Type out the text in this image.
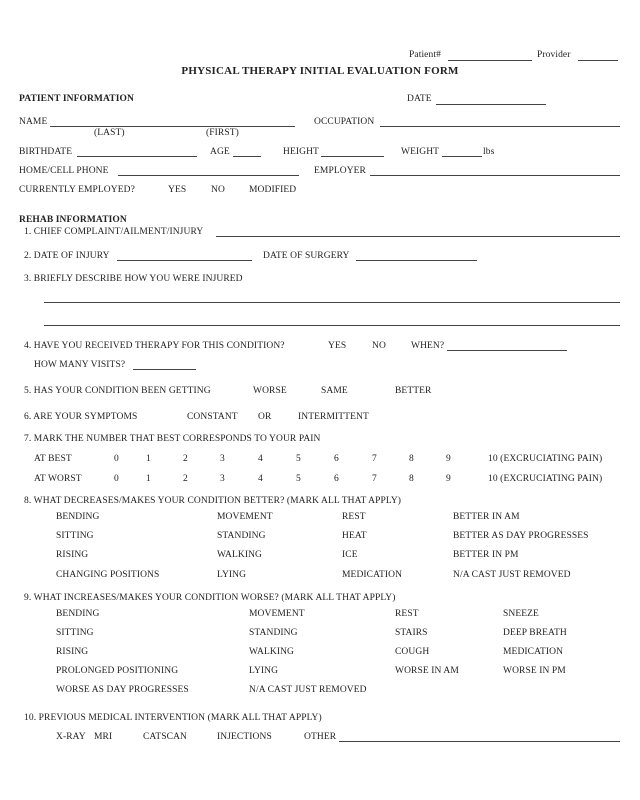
Patient#	Provider
PHYSICAL THERAPY INITIAL EVALUATION FORM
PATIENT INFORMATION	DATE
NAME
(LAST)	(FIRST)
OCCUPATION
BIRTHDATE	AGE	HEIGHT	WEIGHT	lbs
HOME/CELL PHONE	EMPLOYER
CURRENTLY EMPLOYED?	YES	NO	MODIFIED
REHAB INFORMATION
1. CHIEF COMPLAINT/AILMENT/INJURY
2. DATE OF INJURY	DATE OF SURGERY
3. BRIEFLY DESCRIBE HOW YOU WERE INJURED
4. HAVE YOU RECEIVED THERAPY FOR THIS CONDITION?	YES	NO	WHEN?
HOW MANY VISITS?
5. HAS YOUR CONDITION BEEN GETTING	WORSE	SAME	BETTER
6. ARE YOUR SYMPTOMS	CONSTANT OR	INTERMITTENT
7. MARK THE NUMBER THAT BEST CORRESPONDS TO YOUR PAIN
AT BEST	0	1	2	3	4	5	6	7	8	9	10 (EXCRUCIATING PAIN)
AT WORST	0	1	2	3	4	5	6	7	8	9	10 (EXCRUCIATING PAIN)
8. WHAT DECREASES/MAKES YOUR CONDITION BETTER? (MARK ALL THAT APPLY)
BENDING	MOVEMENT	REST	BETTER IN AM
SITTING	STANDING	HEAT	BETTER AS DAY PROGRESSES
RISING	WALKING	ICE	BETTER IN PM
CHANGING POSITIONS	LYING	MEDICATION	N/A CAST JUST REMOVED
9. WHAT INCREASES/MAKES YOUR CONDITION WORSE? (MARK ALL THAT APPLY)
BENDING	MOVEMENT	REST	SNEEZE
SITTING	STANDING	STAIRS	DEEP BREATH
RISING	WALKING	COUGH	MEDICATION
PROLONGED POSITIONING	LYING	WORSE IN AM	WORSE IN PM
WORSE AS DAY PROGRESSES	N/A CAST JUST REMOVED
10. PREVIOUS MEDICAL INTERVENTION (MARK ALL THAT APPLY)
X-RAY MRI	CATSCAN	INJECTIONS	OTHER
